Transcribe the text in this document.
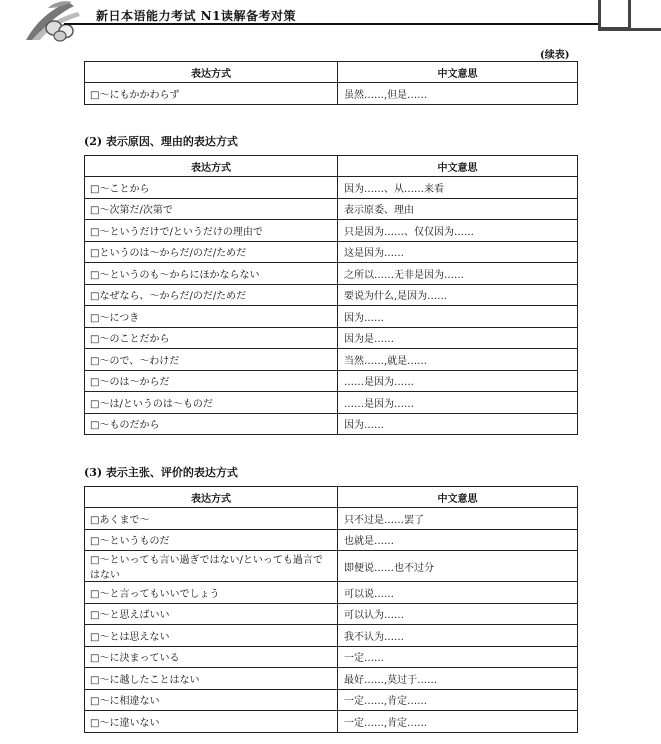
新日本语能力考试 N1读解备考对策
(续表)
表达方式	中文意思
□～にもかかわらず	虽然……,但是……
(2) 表示原因、理由的表达方式
表达方式	中文意思
□～ことから	因为……、从……来看
□～次第だ/次第で	表示原委、理由
□～というだけで/というだけの理由で	只是因为……、仅仅因为……
□というのは～からだ/のだ/ためだ	这是因为……
□～というのも～からにほかならない	之所以……无非是因为……
□なぜなら、～からだ/のだ/ためだ	要说为什么,是因为……
□～につき	因为……
□～のことだから	因为是……
□～ので、～わけだ	当然……,就是……
□～のは～からだ	……是因为……
□～は/というのは～ものだ	……是因为……
□～ものだから	因为……
(3) 表示主张、评价的表达方式
表达方式	中文意思
□あくまで～	只不过是……罢了
□～というものだ	也就是……
□～といっても言い過ぎではない/といっても過言ではない	即便说……也不过分
□～と言ってもいいでしょう	可以说……
□～と思えばいい	可以认为……
□～とは思えない	我不认为……
□～に決まっている	一定……
□～に越したことはない	最好……,莫过于……
□～に相違ない	一定……,肯定……
□～に違いない	一定……,肯定……
